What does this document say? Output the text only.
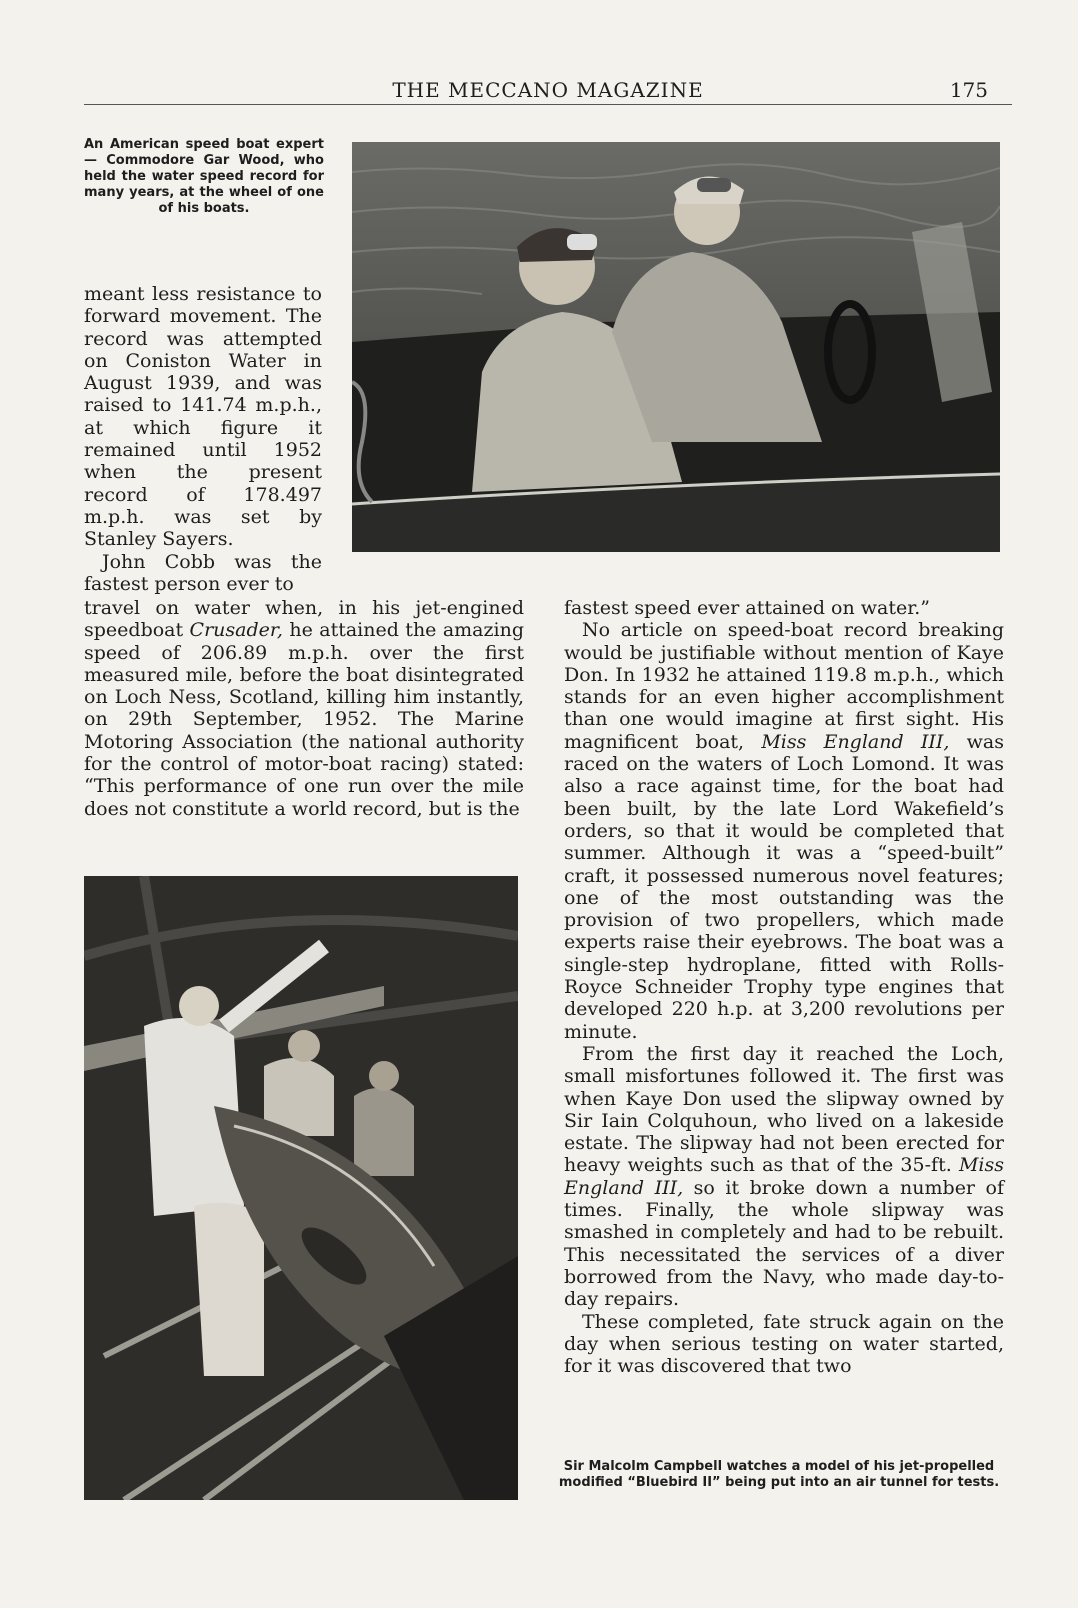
THE MECCANO MAGAZINE	175
An American speed boat expert — Commodore Gar Wood, who held the water speed record for many years, at the wheel of one of his boats.

meant less resistance to forward movement. The record was attempted on Coniston Water in August 1939, and was raised to 141.74 m.p.h., at which figure it remained until 1952 when the present record of 178.497 m.p.h. was set by Stanley Sayers.

John Cobb was the fastest person ever to

travel on water when, in his jet-engined speedboat Crusader, he attained the amazing speed of 206.89 m.p.h. over the first measured mile, before the boat disintegrated on Loch Ness, Scotland, killing him instantly, on 29th September, 1952. The Marine Motoring Association (the national authority for the control of motor-boat racing) stated: “This performance of one run over the mile does not constitute a world record, but is the

fastest speed ever attained on water.”

No article on speed-boat record breaking would be justifiable without mention of Kaye Don. In 1932 he attained 119.8 m.p.h., which stands for an even higher accomplishment than one would imagine at first sight. His magnificent boat, Miss England III, was raced on the waters of Loch Lomond. It was also a race against time, for the boat had been built, by the late Lord Wakefield’s orders, so that it would be completed that summer. Although it was a “speed-built” craft, it possessed numerous novel features; one of the most outstanding was the provision of two propellers, which made experts raise their eyebrows. The boat was a single-step hydroplane, fitted with Rolls-Royce Schneider Trophy type engines that developed 220 h.p. at 3,200 revolutions per minute.

From the first day it reached the Loch, small misfortunes followed it. The first was when Kaye Don used the slipway owned by Sir Iain Colquhoun, who lived on a lakeside estate. The slipway had not been erected for heavy weights such as that of the 35-ft. Miss England III, so it broke down a number of times. Finally, the whole slipway was smashed in completely and had to be rebuilt. This necessitated the services of a diver borrowed from the Navy, who made day-to-day repairs.

These completed, fate struck again on the day when serious testing on water started, for it was discovered that two

Sir Malcolm Campbell watches a model of his jet-propelled modified “Bluebird II” being put into an air tunnel for tests.
